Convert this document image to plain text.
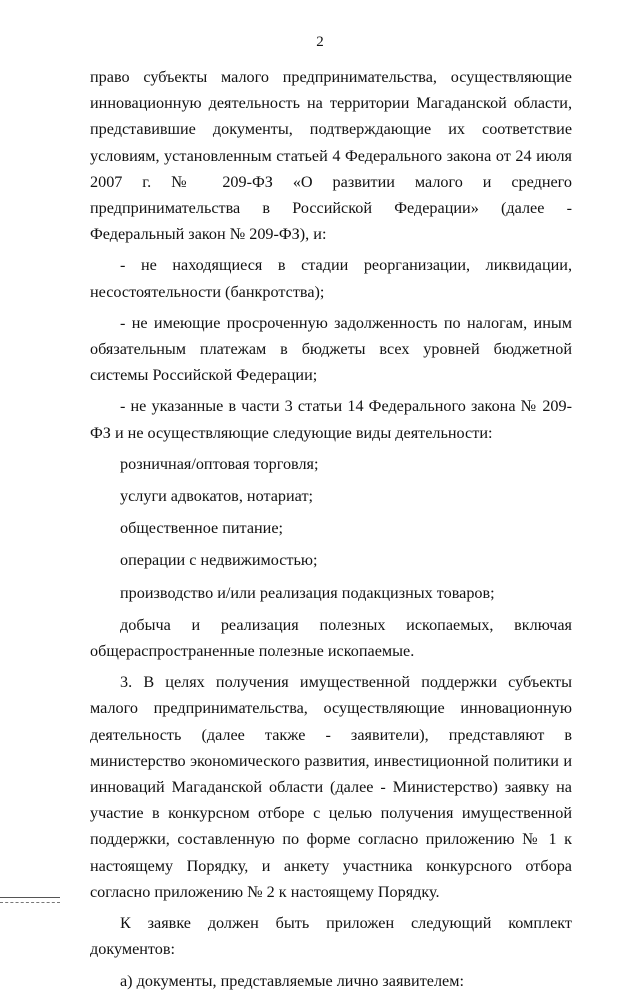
2

право субъекты малого предпринимательства, осуществляющие инновационную деятельность на территории Магаданской области, представившие документы, подтверждающие их соответствие условиям, установленным статьей 4 Федерального закона от 24 июля 2007 г. № 209-ФЗ «О развитии малого и среднего предпринимательства в Российской Федерации» (далее - Федеральный закон № 209-ФЗ), и:

- не находящиеся в стадии реорганизации, ликвидации, несостоятельности (банкротства);

- не имеющие просроченную задолженность по налогам, иным обязательным платежам в бюджеты всех уровней бюджетной системы Российской Федерации;

- не указанные в части 3 статьи 14 Федерального закона № 209-ФЗ и не осуществляющие следующие виды деятельности:

розничная/оптовая торговля;

услуги адвокатов, нотариат;

общественное питание;

операции с недвижимостью;

производство и/или реализация подакцизных товаров;

добыча и реализация полезных ископаемых, включая общераспространенные полезные ископаемые.

3. В целях получения имущественной поддержки субъекты малого предпринимательства, осуществляющие инновационную деятельность (далее также - заявители), представляют в министерство экономического развития, инвестиционной политики и инноваций Магаданской области (далее - Министерство) заявку на участие в конкурсном отборе с целью получения имущественной поддержки, составленную по форме согласно приложению № 1 к настоящему Порядку, и анкету участника конкурсного отбора согласно приложению № 2 к настоящему Порядку.

К заявке должен быть приложен следующий комплект документов:

а) документы, представляемые лично заявителем:
